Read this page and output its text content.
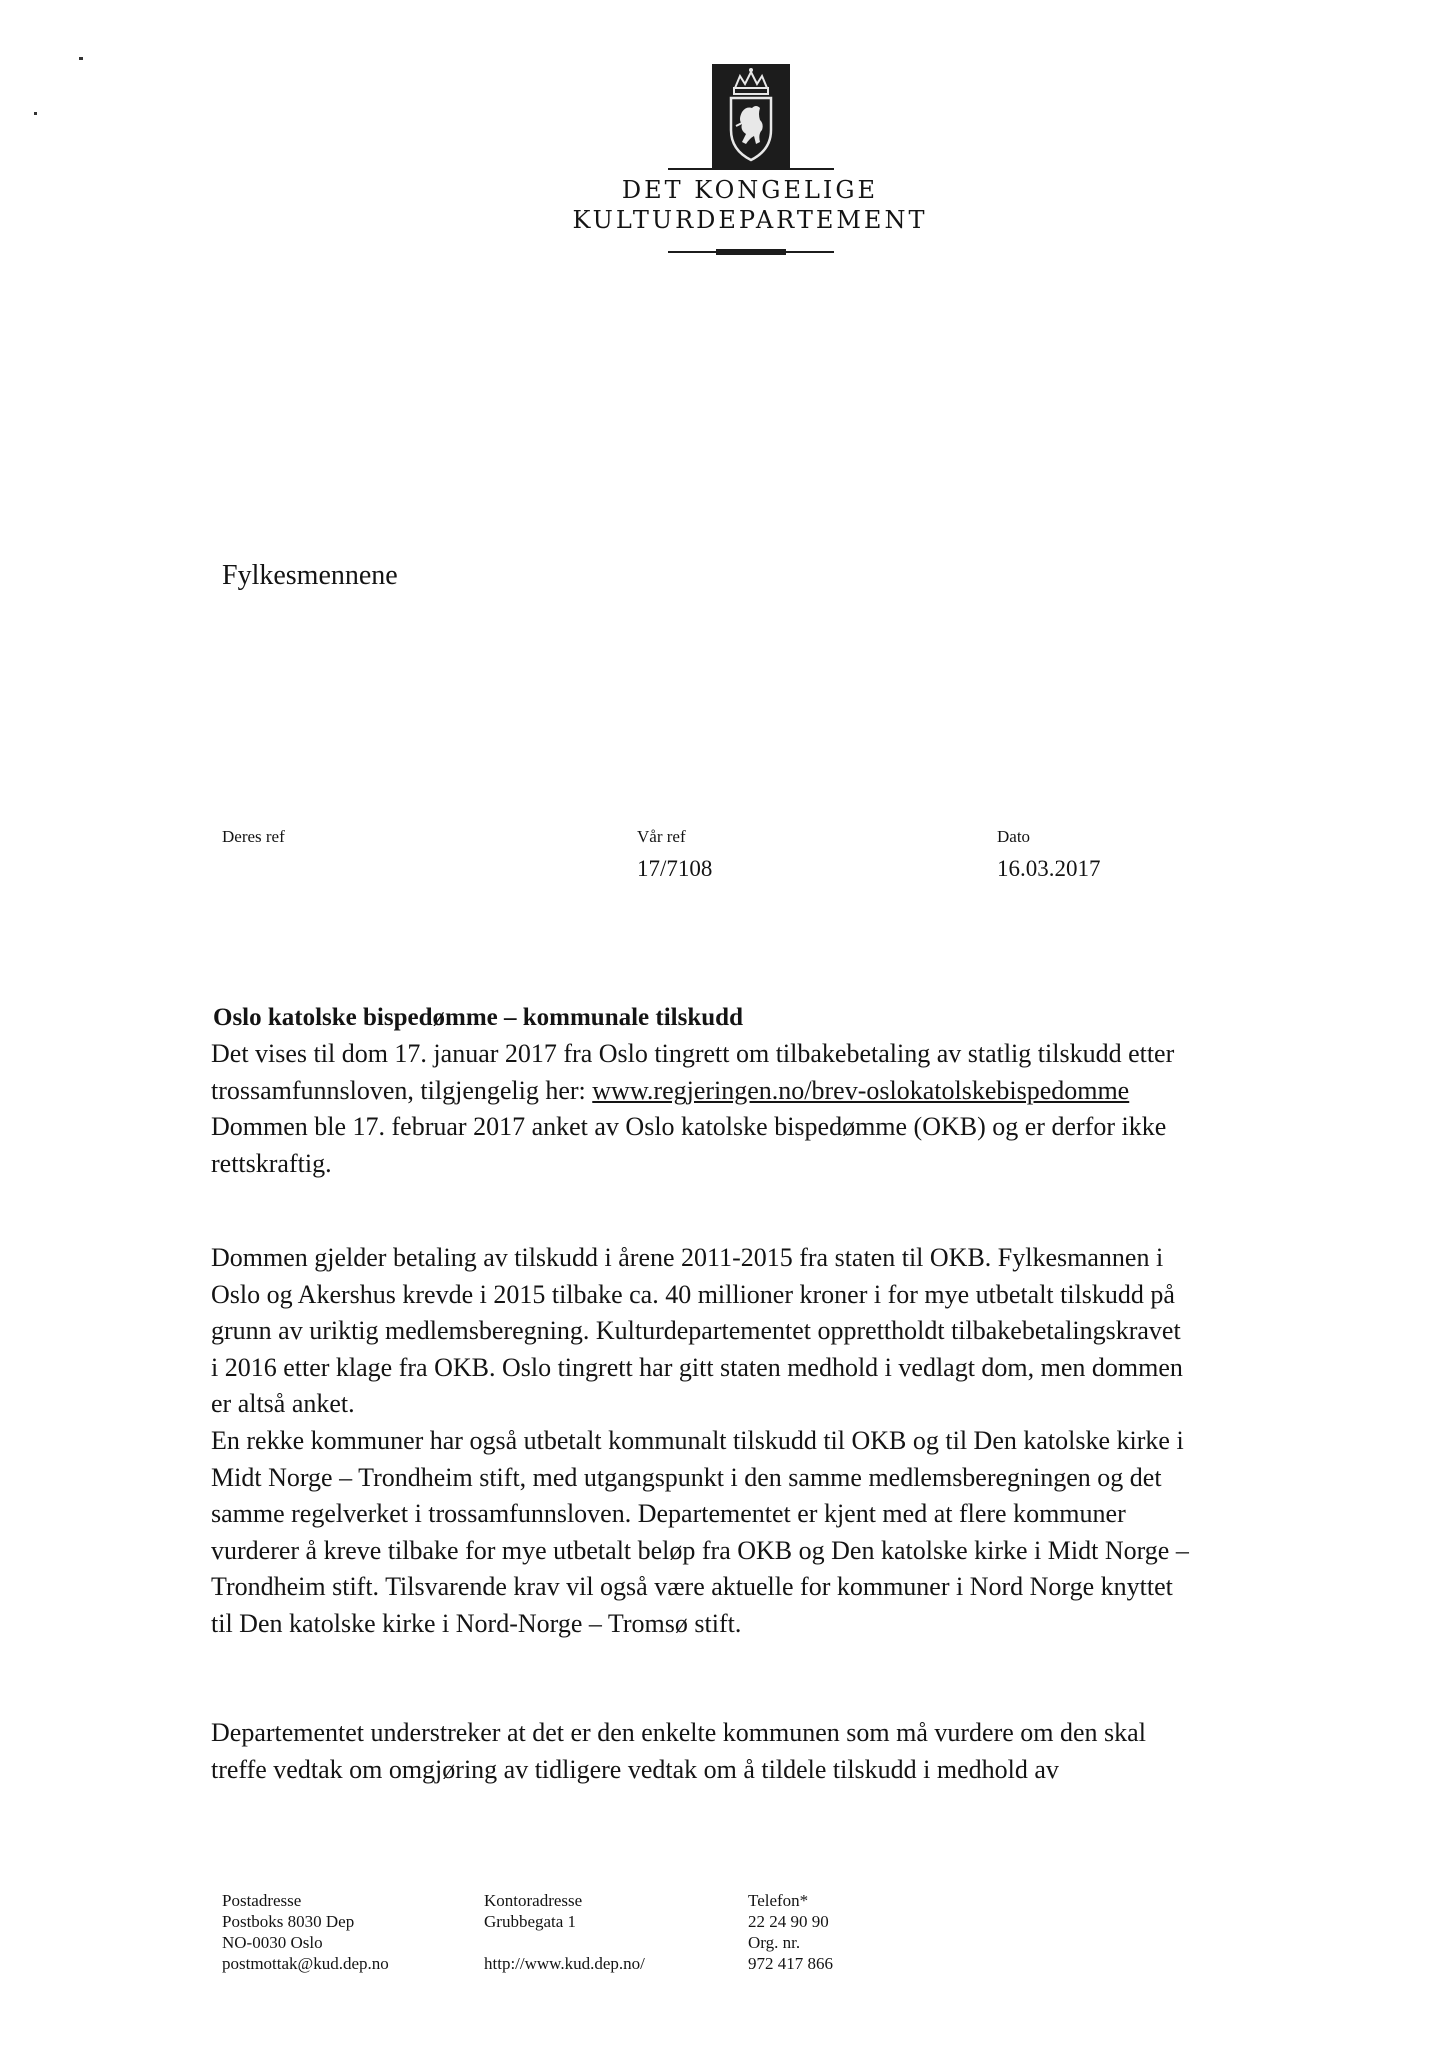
DET KONGELIGE
KULTURDEPARTEMENT
Fylkesmennene
Deres ref	Vår ref
17/7108
Dato
16.03.2017
Oslo katolske bispedømme – kommunale tilskudd

Det vises til dom 17. januar 2017 fra Oslo tingrett om tilbakebetaling av statlig tilskudd etter

trossamfunnsloven, tilgjengelig her: www.regjeringen.no/brev-oslokatolskebispedomme

Dommen ble 17. februar 2017 anket av Oslo katolske bispedømme (OKB) og er derfor ikke

rettskraftig.

Dommen gjelder betaling av tilskudd i årene 2011-2015 fra staten til OKB. Fylkesmannen i

Oslo og Akershus krevde i 2015 tilbake ca. 40 millioner kroner i for mye utbetalt tilskudd på

grunn av uriktig medlemsberegning. Kulturdepartementet opprettholdt tilbakebetalingskravet

i 2016 etter klage fra OKB. Oslo tingrett har gitt staten medhold i vedlagt dom, men dommen

er altså anket.

En rekke kommuner har også utbetalt kommunalt tilskudd til OKB og til Den katolske kirke i

Midt Norge – Trondheim stift, med utgangspunkt i den samme medlemsberegningen og det

samme regelverket i trossamfunnsloven. Departementet er kjent med at flere kommuner

vurderer å kreve tilbake for mye utbetalt beløp fra OKB og Den katolske kirke i Midt Norge –

Trondheim stift. Tilsvarende krav vil også være aktuelle for kommuner i Nord Norge knyttet

til Den katolske kirke i Nord-Norge – Tromsø stift.

Departementet understreker at det er den enkelte kommunen som må vurdere om den skal

treffe vedtak om omgjøring av tidligere vedtak om å tildele tilskudd i medhold av

Postadresse
Postboks 8030 Dep
NO-0030 Oslo
postmottak@kud.dep.no
Kontoradresse
Grubbegata 1

http://www.kud.dep.no/
Telefon*
22 24 90 90
Org. nr.
972 417 866
